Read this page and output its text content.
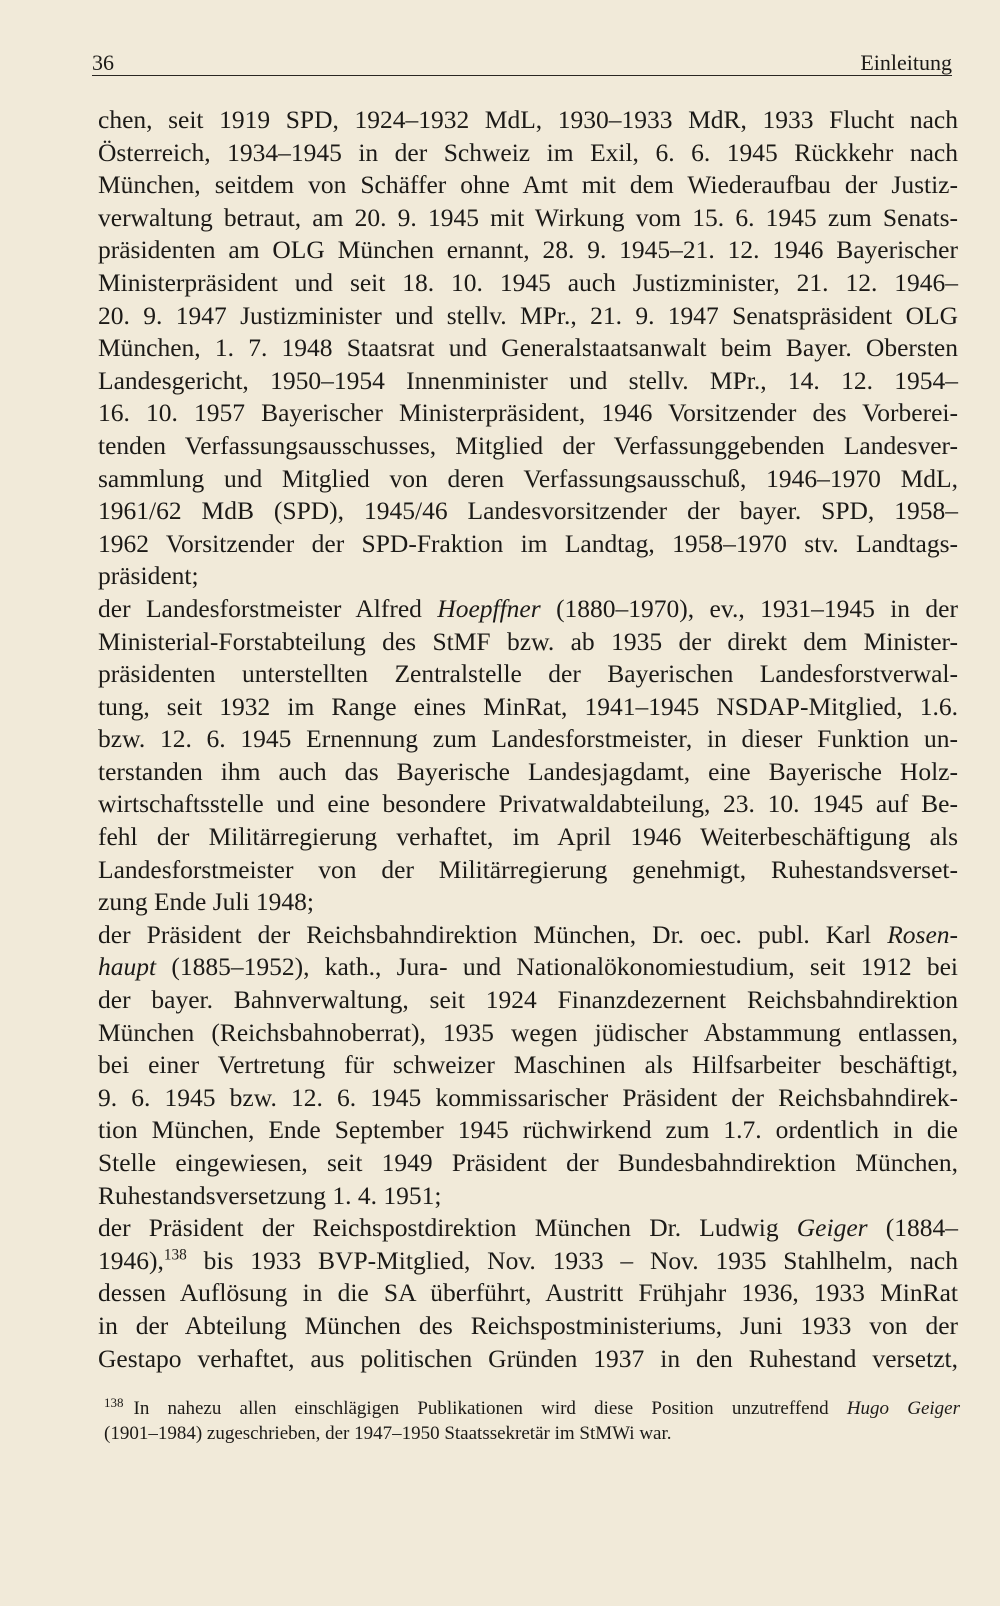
36	Einleitung
chen, seit 1919 SPD, 1924–1932 MdL, 1930–1933 MdR, 1933 Flucht nach
Österreich, 1934–1945 in der Schweiz im Exil, 6. 6. 1945 Rückkehr nach
München, seitdem von Schäffer ohne Amt mit dem Wiederaufbau der Justiz-
verwaltung betraut, am 20. 9. 1945 mit Wirkung vom 15. 6. 1945 zum Senats-
präsidenten am OLG München ernannt, 28. 9. 1945–21. 12. 1946 Bayerischer
Ministerpräsident und seit 18. 10. 1945 auch Justizminister, 21. 12. 1946–
20. 9. 1947 Justizminister und stellv. MPr., 21. 9. 1947 Senatspräsident OLG
München, 1. 7. 1948 Staatsrat und Generalstaatsanwalt beim Bayer. Obersten
Landesgericht, 1950–1954 Innenminister und stellv. MPr., 14. 12. 1954–
16. 10. 1957 Bayerischer Ministerpräsident, 1946 Vorsitzender des Vorberei-
tenden Verfassungsausschusses, Mitglied der Verfassunggebenden Landesver-
sammlung und Mitglied von deren Verfassungsausschuß, 1946–1970 MdL,
1961/62 MdB (SPD), 1945/46 Landesvorsitzender der bayer. SPD, 1958–
1962 Vorsitzender der SPD-Fraktion im Landtag, 1958–1970 stv. Landtags-
präsident;
der Landesforstmeister Alfred Hoepffner (1880–1970), ev., 1931–1945 in der
Ministerial-Forstabteilung des StMF bzw. ab 1935 der direkt dem Minister-
präsidenten unterstellten Zentralstelle der Bayerischen Landesforstverwal-
tung, seit 1932 im Range eines MinRat, 1941–1945 NSDAP-Mitglied, 1.6.
bzw. 12. 6. 1945 Ernennung zum Landesforstmeister, in dieser Funktion un-
terstanden ihm auch das Bayerische Landesjagdamt, eine Bayerische Holz-
wirtschaftsstelle und eine besondere Privatwaldabteilung, 23. 10. 1945 auf Be-
fehl der Militärregierung verhaftet, im April 1946 Weiterbeschäftigung als
Landesforstmeister von der Militärregierung genehmigt, Ruhestandsverset-
zung Ende Juli 1948;
der Präsident der Reichsbahndirektion München, Dr. oec. publ. Karl Rosen-
haupt (1885–1952), kath., Jura- und Nationalökonomiestudium, seit 1912 bei
der bayer. Bahnverwaltung, seit 1924 Finanzdezernent Reichsbahndirektion
München (Reichsbahnoberrat), 1935 wegen jüdischer Abstammung entlassen,
bei einer Vertretung für schweizer Maschinen als Hilfsarbeiter beschäftigt,
9. 6. 1945 bzw. 12. 6. 1945 kommissarischer Präsident der Reichsbahndirek-
tion München, Ende September 1945 rüchwirkend zum 1.7. ordentlich in die
Stelle eingewiesen, seit 1949 Präsident der Bundesbahndirektion München,
Ruhestandsversetzung 1. 4. 1951;
der Präsident der Reichspostdirektion München Dr. Ludwig Geiger (1884–
1946),$^{138}$ bis 1933 BVP-Mitglied, Nov. 1933 – Nov. 1935 Stahlhelm, nach
dessen Auflösung in die SA überführt, Austritt Frühjahr 1936, 1933 MinRat
in der Abteilung München des Reichspostministeriums, Juni 1933 von der
Gestapo verhaftet, aus politischen Gründen 1937 in den Ruhestand versetzt,
$^{138}$ In nahezu allen einschlägigen Publikationen wird diese Position unzutreffend Hugo Geiger
(1901–1984) zugeschrieben, der 1947–1950 Staatssekretär im StMWi war.
